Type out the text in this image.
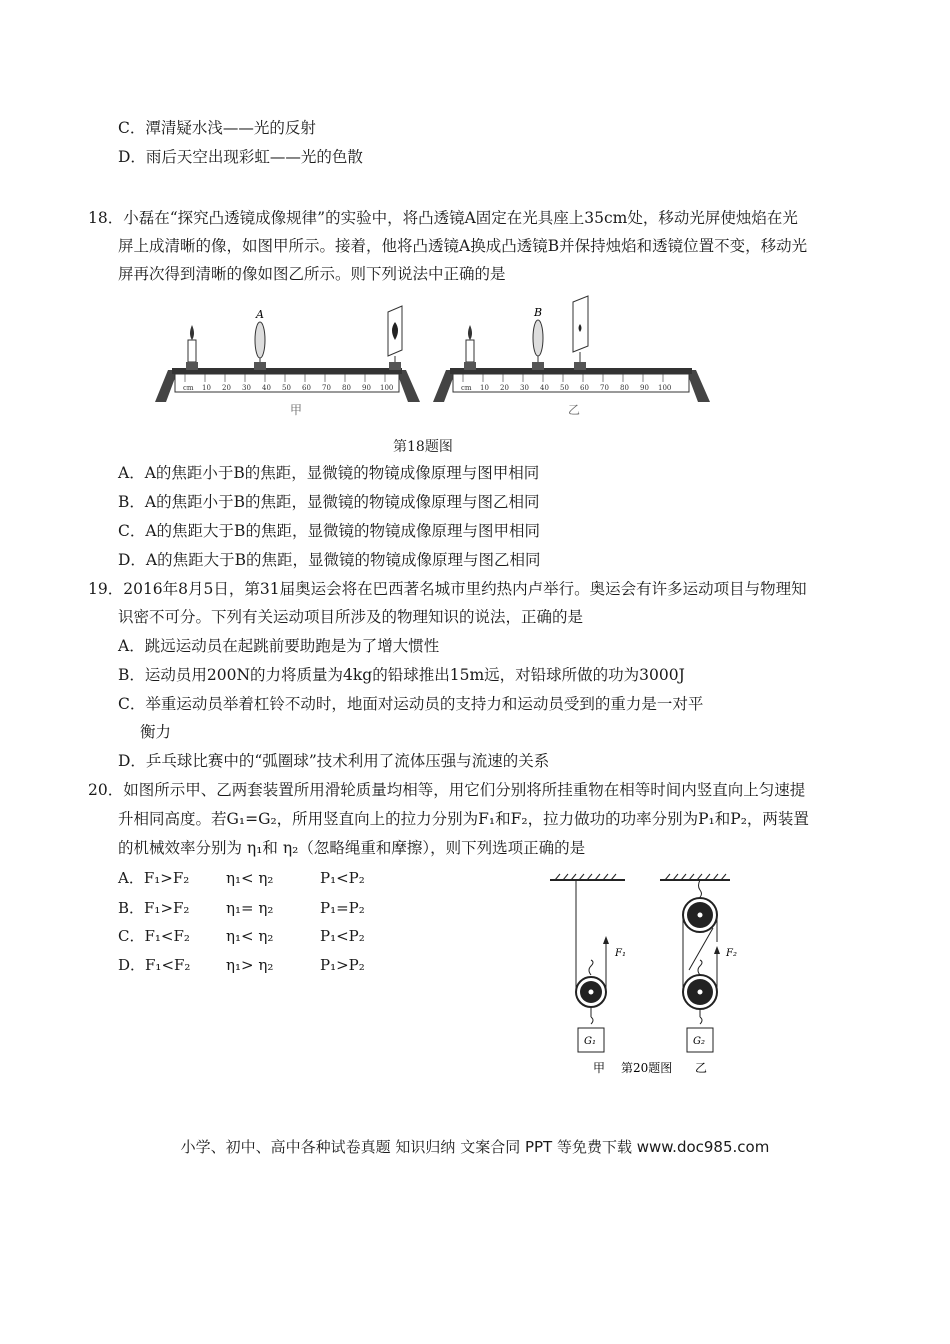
C．潭清疑水浅——光的反射
D．雨后天空出现彩虹——光的色散
18．小磊在“探究凸透镜成像规律”的实验中，将凸透镜A固定在光具座上35cm处，移动光屏使烛焰在光
屏上成清晰的像，如图甲所示。接着，他将凸透镜A换成凸透镜B并保持烛焰和透镜位置不变，移动光
屏再次得到清晰的像如图乙所示。则下列说法中正确的是
cm 10 20 30 40 50 60 70 80 90 100
A
甲
cm 10 20 30 40 50 60 70 80 90 100
B
乙
第18题图
A．A的焦距小于B的焦距，显微镜的物镜成像原理与图甲相同
B．A的焦距小于B的焦距，显微镜的物镜成像原理与图乙相同
C．A的焦距大于B的焦距，显微镜的物镜成像原理与图甲相同
D．A的焦距大于B的焦距，显微镜的物镜成像原理与图乙相同
19．2016年8月5日，第31届奥运会将在巴西著名城市里约热内卢举行。奥运会有许多运动项目与物理知
识密不可分。下列有关运动项目所涉及的物理知识的说法，正确的是
A．跳远运动员在起跳前要助跑是为了增大惯性
B．运动员用200N的力将质量为4kg的铅球推出15m远，对铅球所做的功为3000J
C．举重运动员举着杠铃不动时，地面对运动员的支持力和运动员受到的重力是一对平
衡力
D．乒乓球比赛中的“弧圈球”技术利用了流体压强与流速的关系
20．如图所示甲、乙两套装置所用滑轮质量均相等，用它们分别将所挂重物在相等时间内竖直向上匀速提
升相同高度。若G₁=G₂，所用竖直向上的拉力分别为F₁和F₂，拉力做功的功率分别为P₁和P₂，两装置
的机械效率分别为 η₁和 η₂（忽略绳重和摩擦），则下列选项正确的是
A．F₁>F₂ η₁< η₂	P₁<P₂
B．F₁>F₂ η₁= η₂	P₁=P₂
C．F₁<F₂ η₁< η₂	P₁<P₂
D．F₁<F₂ η₁> η₂	P₁>P₂
F₁
G₁
F₂
G₂
甲 第20题图 乙
小学、初中、高中各种试卷真题 知识归纳 文案合同 PPT 等免费下载 www.doc985.com
